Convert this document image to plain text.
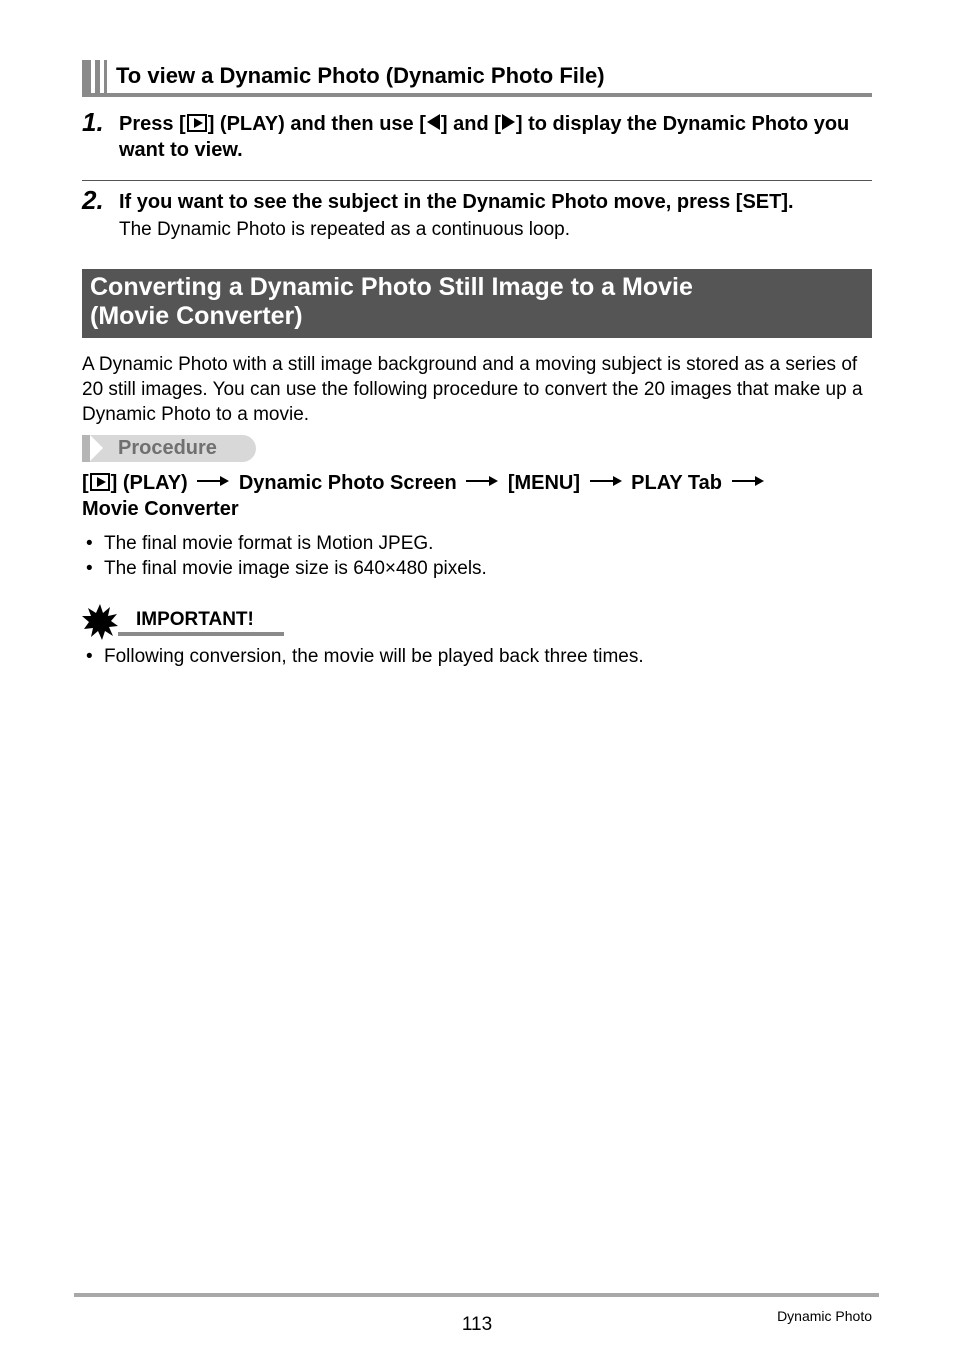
To view a Dynamic Photo (Dynamic Photo File)
1. Press [ ] (PLAY) and then use [ ] and [ ] to display the Dynamic Photo you want to view.
2. If you want to see the subject in the Dynamic Photo move, press [SET].
The Dynamic Photo is repeated as a continuous loop.
Converting a Dynamic Photo Still Image to a Movie
(Movie Converter)
A Dynamic Photo with a still image background and a moving subject is stored as a series of 20 still images. You can use the following procedure to convert the 20 images that make up a Dynamic Photo to a movie.
Procedure
[ ] (PLAY)	Dynamic Photo Screen	[MENU]	PLAY Tab
Movie Converter
• The final movie format is Motion JPEG.
• The final movie image size is 640×480 pixels.
IMPORTANT!
• Following conversion, the movie will be played back three times.
113	Dynamic Photo
